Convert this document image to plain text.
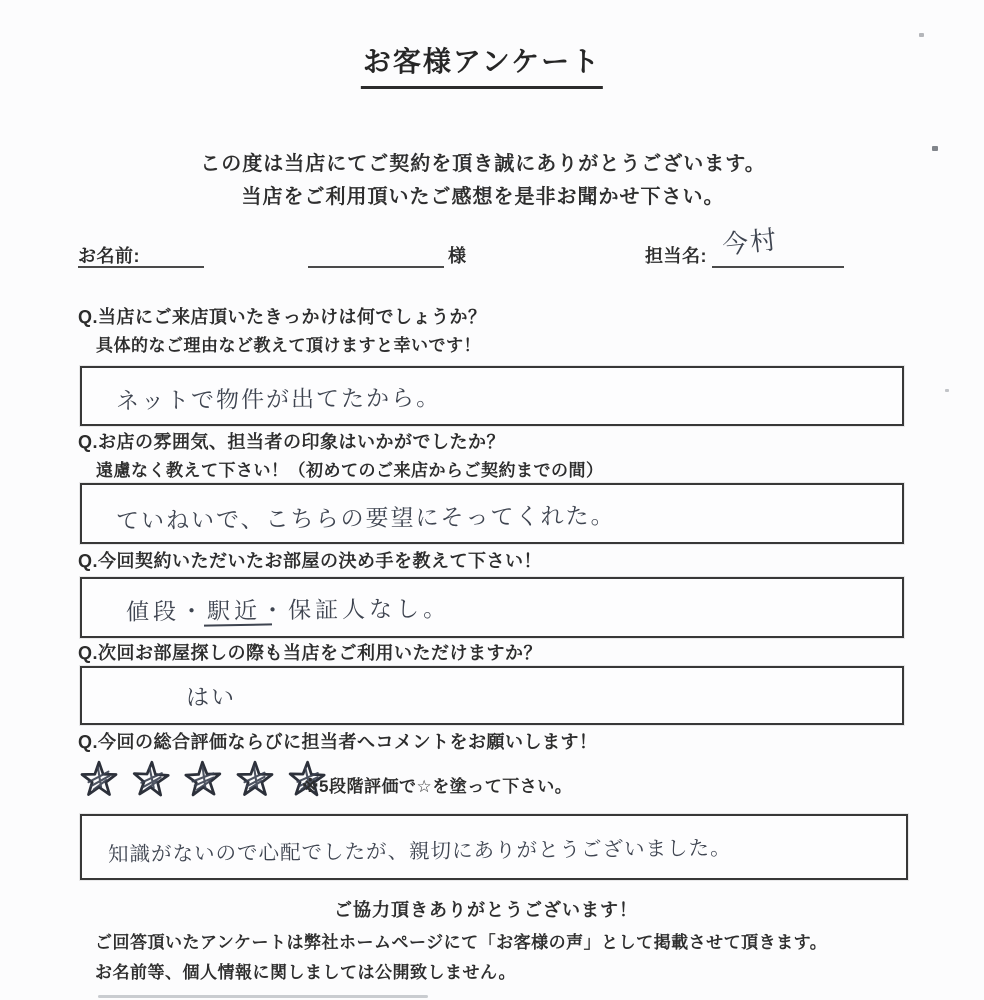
お客様アンケート
この度は当店にてご契約を頂き誠にありがとうございます。
当店をご利用頂いたご感想を是非お聞かせ下さい。
お名前:	様	担当名: 今村
Q.当店にご来店頂いたきっかけは何でしょうか？
具体的なご理由など教えて頂けますと幸いです！
ネットで物件が出てたから。
Q.お店の雰囲気、担当者の印象はいかがでしたか？
遠慮なく教えて下さい！（初めてのご来店からご契約までの間）
ていねいで、こちらの要望にそってくれた。
Q.今回契約いただいたお部屋の決め手を教えて下さい！
値段・駅近・保証人なし。
Q.次回お部屋探しの際も当店をご利用いただけますか？
はい
Q.今回の総合評価ならびに担当者へコメントをお願いします！
※5段階評価で☆を塗って下さい。
知識がないので心配でしたが、親切にありがとうございました。
ご協力頂きありがとうございます！
ご回答頂いたアンケートは弊社ホームページにて「お客様の声」として掲載させて頂きます。
お名前等、個人情報に関しましては公開致しません。
